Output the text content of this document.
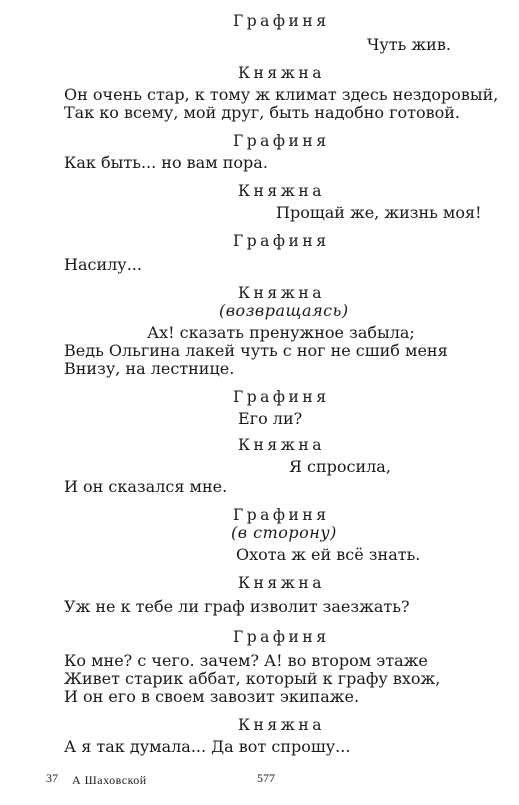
Графиня
Чуть жив.
Княжна
Он очень стар, к тому ж климат здесь нездоровый,
Так ко всему, мой друг, быть надобно готовой.
Графиня
Как быть... но вам пора.
Княжна
Прощай же, жизнь моя!
Графиня
Насилу...
Княжна
(возвращаясь)
Ах! сказать пренужное забыла;
Ведь Ольгина лакей чуть с ног не сшиб меня
Внизу, на лестнице.
Графиня
Его ли?
Княжна
Я спросила,
И он сказался мне.
Графиня
(в сторону)
Охота ж ей всё знать.
Княжна
Уж не к тебе ли граф изволит заезжать?
Графиня
Ко мне? с чего. зачем? А! во втором этаже
Живет старик аббат, который к графу вхож,
И он его в своем завозит экипаже.
Княжна
А я так думала... Да вот спрошу...
37 А Шаховской	577
